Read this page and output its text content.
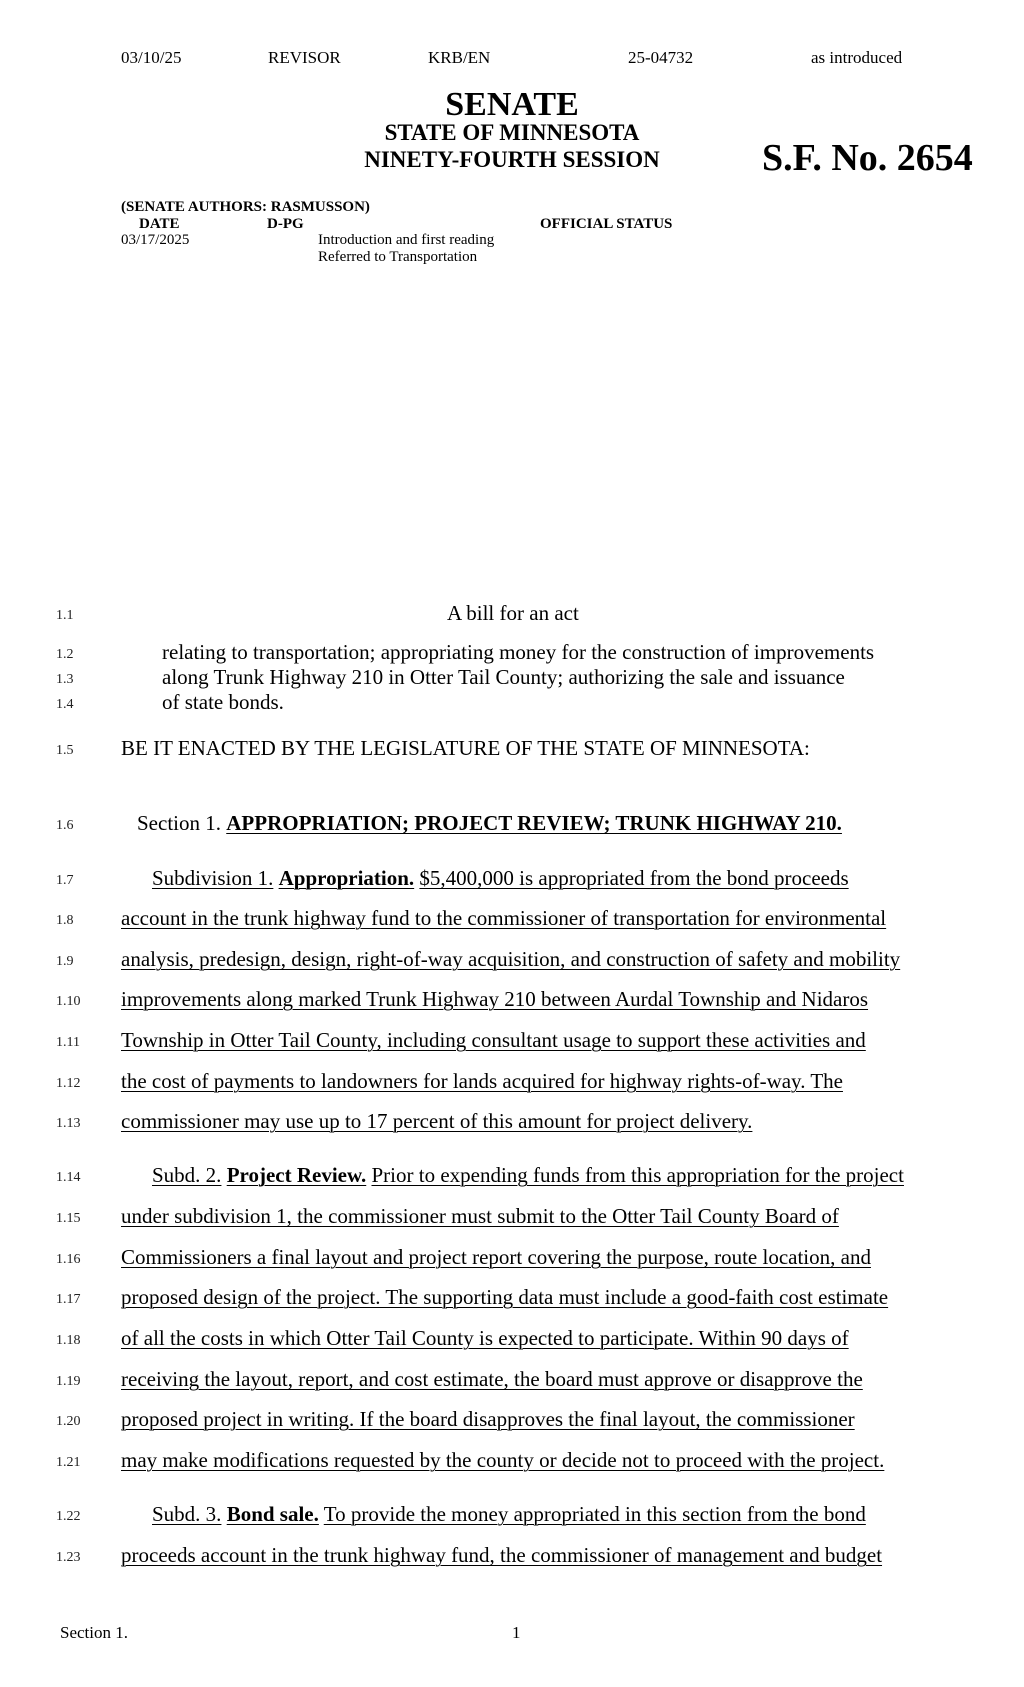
03/10/25	REVISOR	KRB/EN	25-04732	as introduced
SENATE
STATE OF MINNESOTA
NINETY-FOURTH SESSION	S.F. No. 2654
(SENATE AUTHORS: RASMUSSON)
DATE	D-PG	OFFICIAL STATUS
03/17/2025	Introduction and first reading
Referred to Transportation
1.1	A bill for an act
1.2	relating to transportation; appropriating money for the construction of improvements
1.3	along Trunk Highway 210 in Otter Tail County; authorizing the sale and issuance
1.4	of state bonds.
1.5	BE IT ENACTED BY THE LEGISLATURE OF THE STATE OF MINNESOTA:
1.6	Section 1. APPROPRIATION; PROJECT REVIEW; TRUNK HIGHWAY 210.
1.7	Subdivision 1. Appropriation. $5,400,000 is appropriated from the bond proceeds
1.8	account in the trunk highway fund to the commissioner of transportation for environmental
1.9	analysis, predesign, design, right-of-way acquisition, and construction of safety and mobility
1.10	improvements along marked Trunk Highway 210 between Aurdal Township and Nidaros
1.11	Township in Otter Tail County, including consultant usage to support these activities and
1.12	the cost of payments to landowners for lands acquired for highway rights-of-way. The
1.13	commissioner may use up to 17 percent of this amount for project delivery.
1.14	Subd. 2. Project Review. Prior to expending funds from this appropriation for the project
1.15	under subdivision 1, the commissioner must submit to the Otter Tail County Board of
1.16	Commissioners a final layout and project report covering the purpose, route location, and
1.17	proposed design of the project. The supporting data must include a good-faith cost estimate
1.18	of all the costs in which Otter Tail County is expected to participate. Within 90 days of
1.19	receiving the layout, report, and cost estimate, the board must approve or disapprove the
1.20	proposed project in writing. If the board disapproves the final layout, the commissioner
1.21	may make modifications requested by the county or decide not to proceed with the project.
1.22	Subd. 3. Bond sale. To provide the money appropriated in this section from the bond
1.23	proceeds account in the trunk highway fund, the commissioner of management and budget
Section 1.	1
